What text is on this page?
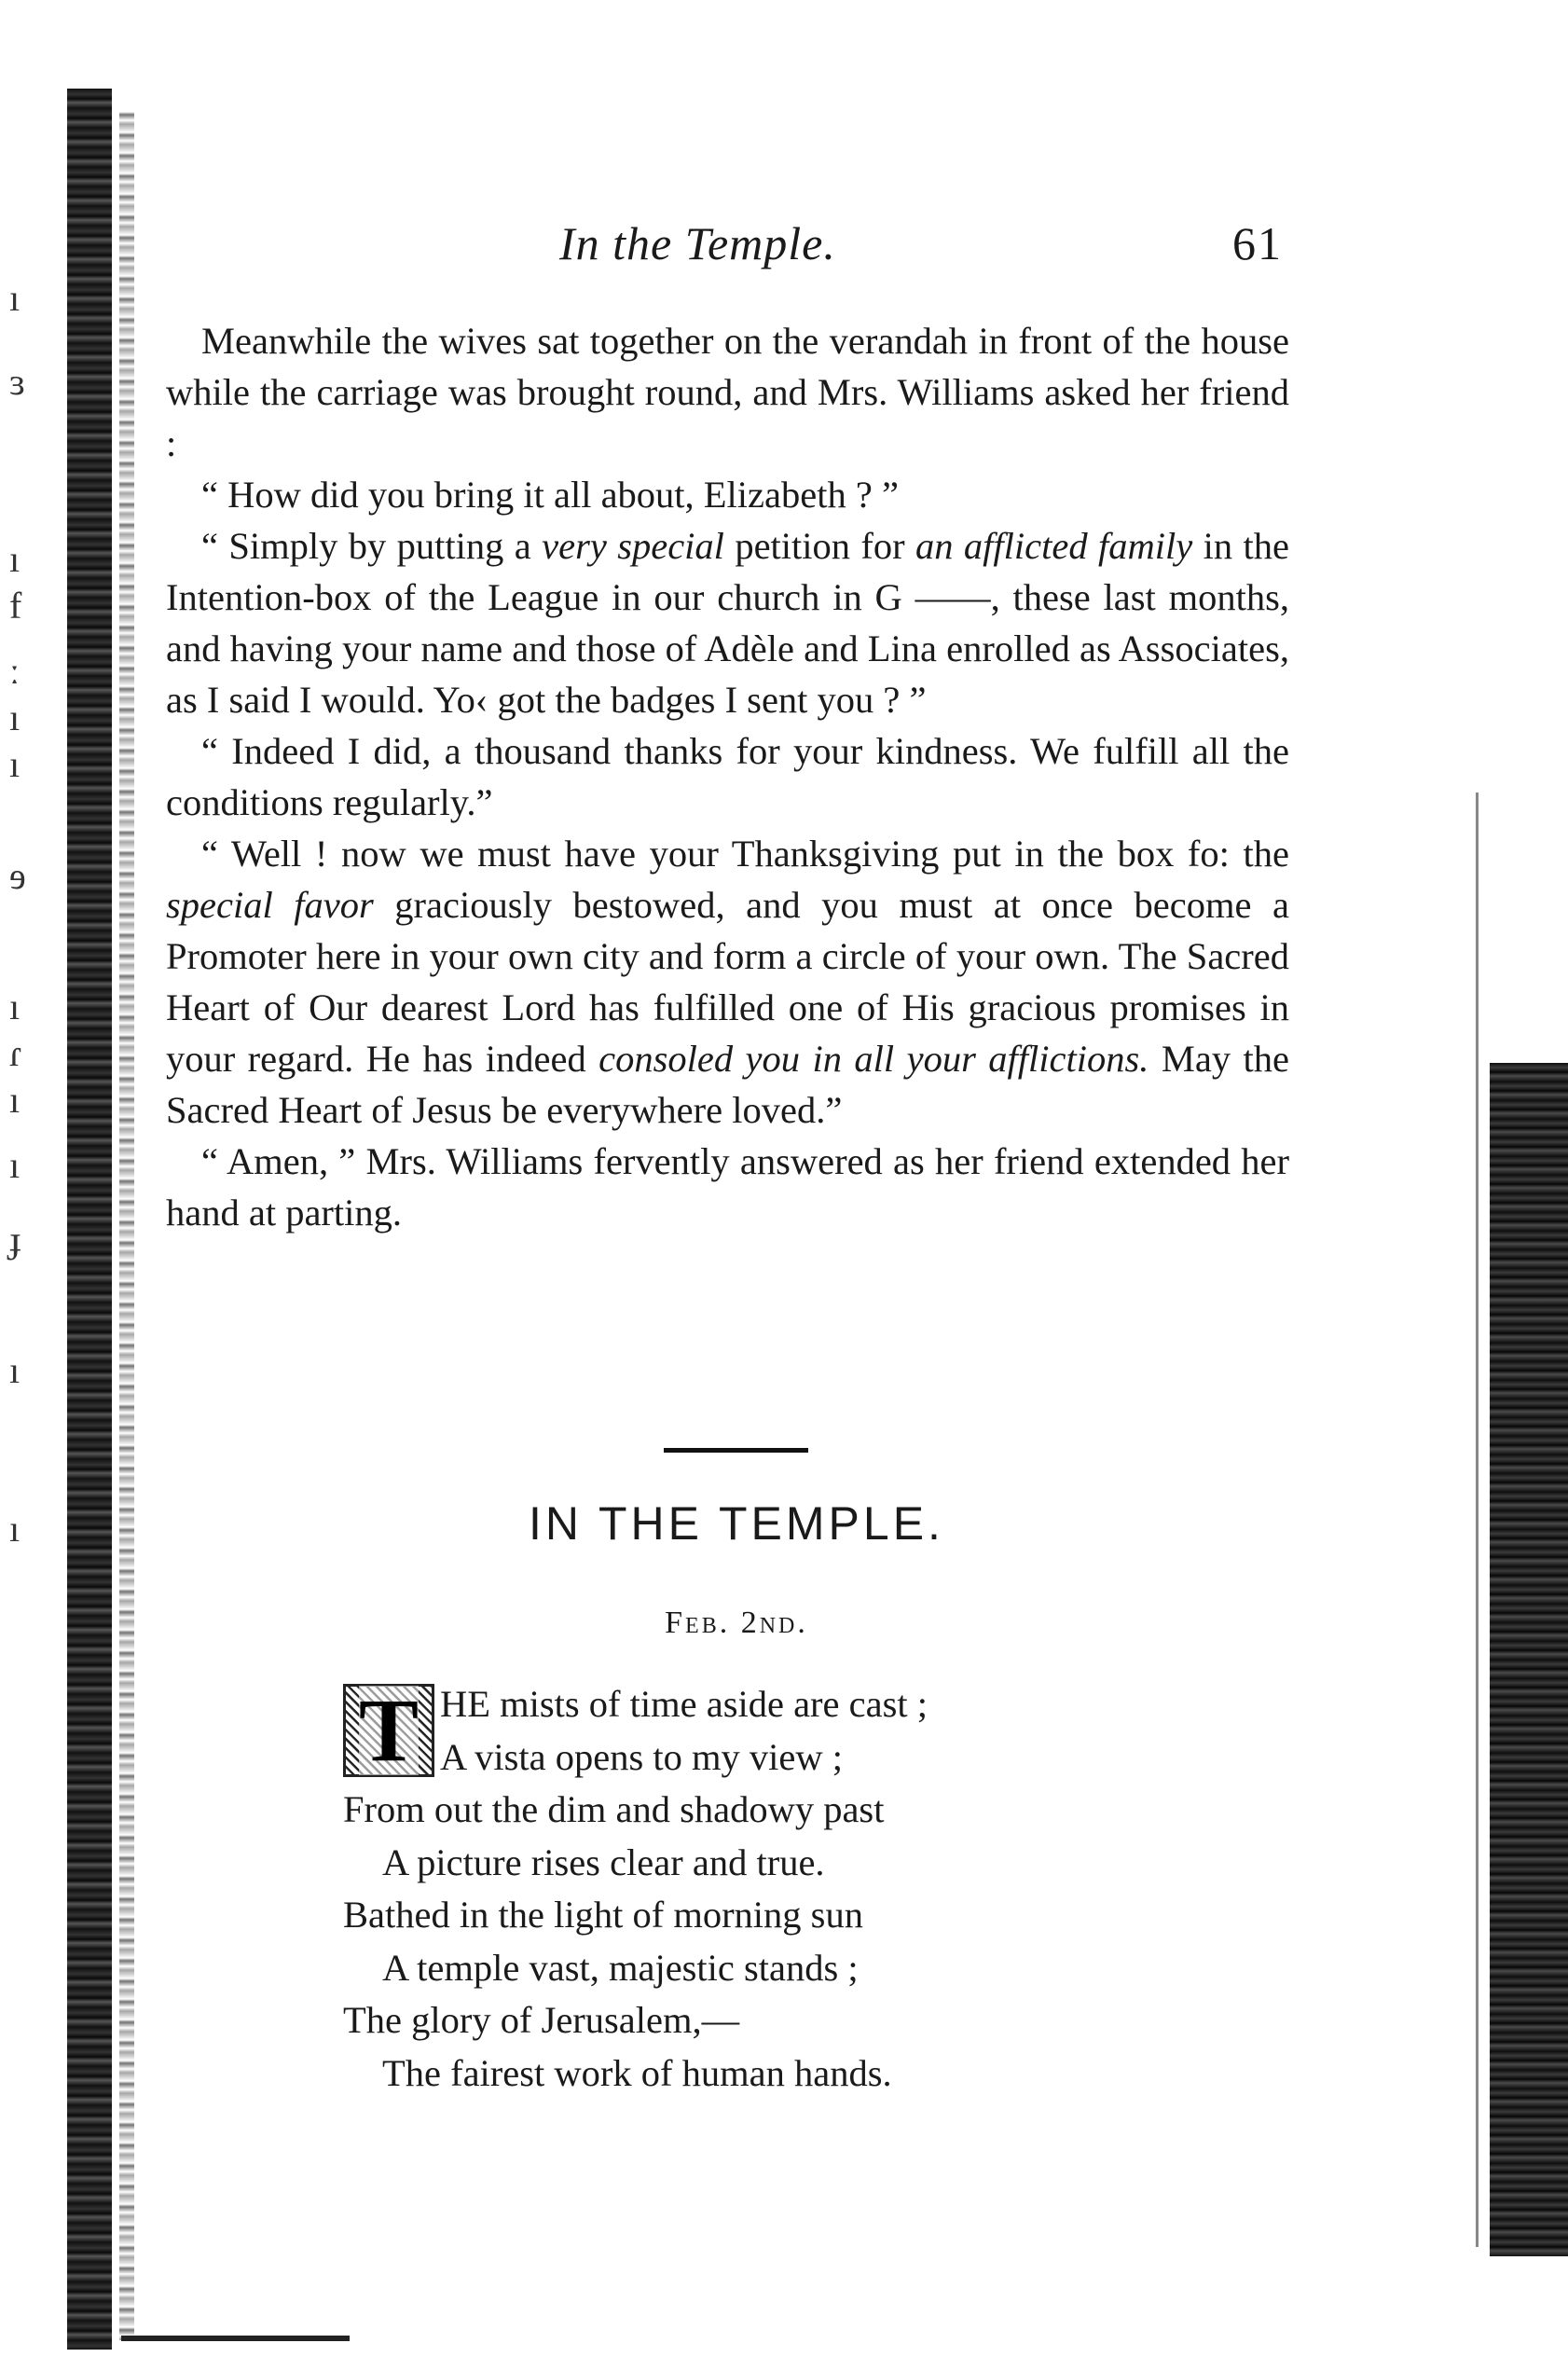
ı
ɜ
ı
f
ː
ı
ı
ɘ
ı
ɾ
ı
ı
ɟ
ı
ı
In the Temple.	61

Meanwhile the wives sat together on the verandah in front of the house while the carriage was brought round, and Mrs. Williams asked her friend :

“ How did you bring it all about, Elizabeth ? ”

“ Simply by putting a very special petition for an afflicted family in the Intention-box of the League in our church in G ——, these last months, and having your name and those of Adèle and Lina enrolled as Associates, as I said I would. Yo‹ got the badges I sent you ? ”

“ Indeed I did, a thousand thanks for your kindness. We fulfill all the conditions regularly.”

“ Well ! now we must have your Thanksgiving put in the box fo: the special favor graciously bestowed, and you must at once become a Promoter here in your own city and form a circle of your own. The Sacred Heart of Our dearest Lord has fulfilled one of His gracious promises in your regard. He has indeed consoled you in all your afflictions. May the Sacred Heart of Jesus be everywhere loved.”

“ Amen, ” Mrs. Williams fervently answered as her friend extended her hand at parting.

IN THE TEMPLE.
Feb. 2nd.
T HE mists of time aside are cast ;
A vista opens to my view ;
From out the dim and shadowy past
A picture rises clear and true.
Bathed in the light of morning sun
A temple vast, majestic stands ;
The glory of Jerusalem,—
The fairest work of human hands.
